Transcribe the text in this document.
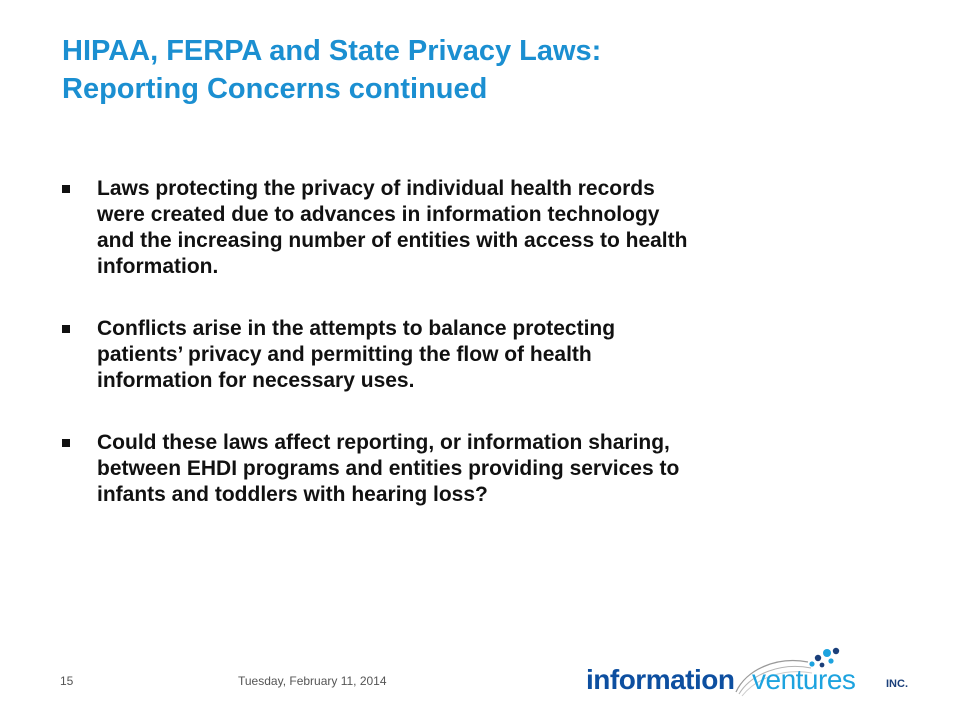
HIPAA, FERPA and State Privacy Laws:
Reporting Concerns continued
Laws protecting the privacy of individual health records
were created due to advances in information technology
and the increasing number of entities with access to health
information.
Conflicts arise in the attempts to balance protecting
patients’ privacy and permitting the flow of health
information for necessary uses.
Could these laws affect reporting, or information sharing,
between EHDI programs and entities providing services to
infants and toddlers with hearing loss?
15	Tuesday, February 11, 2014	information ventures	INC.
